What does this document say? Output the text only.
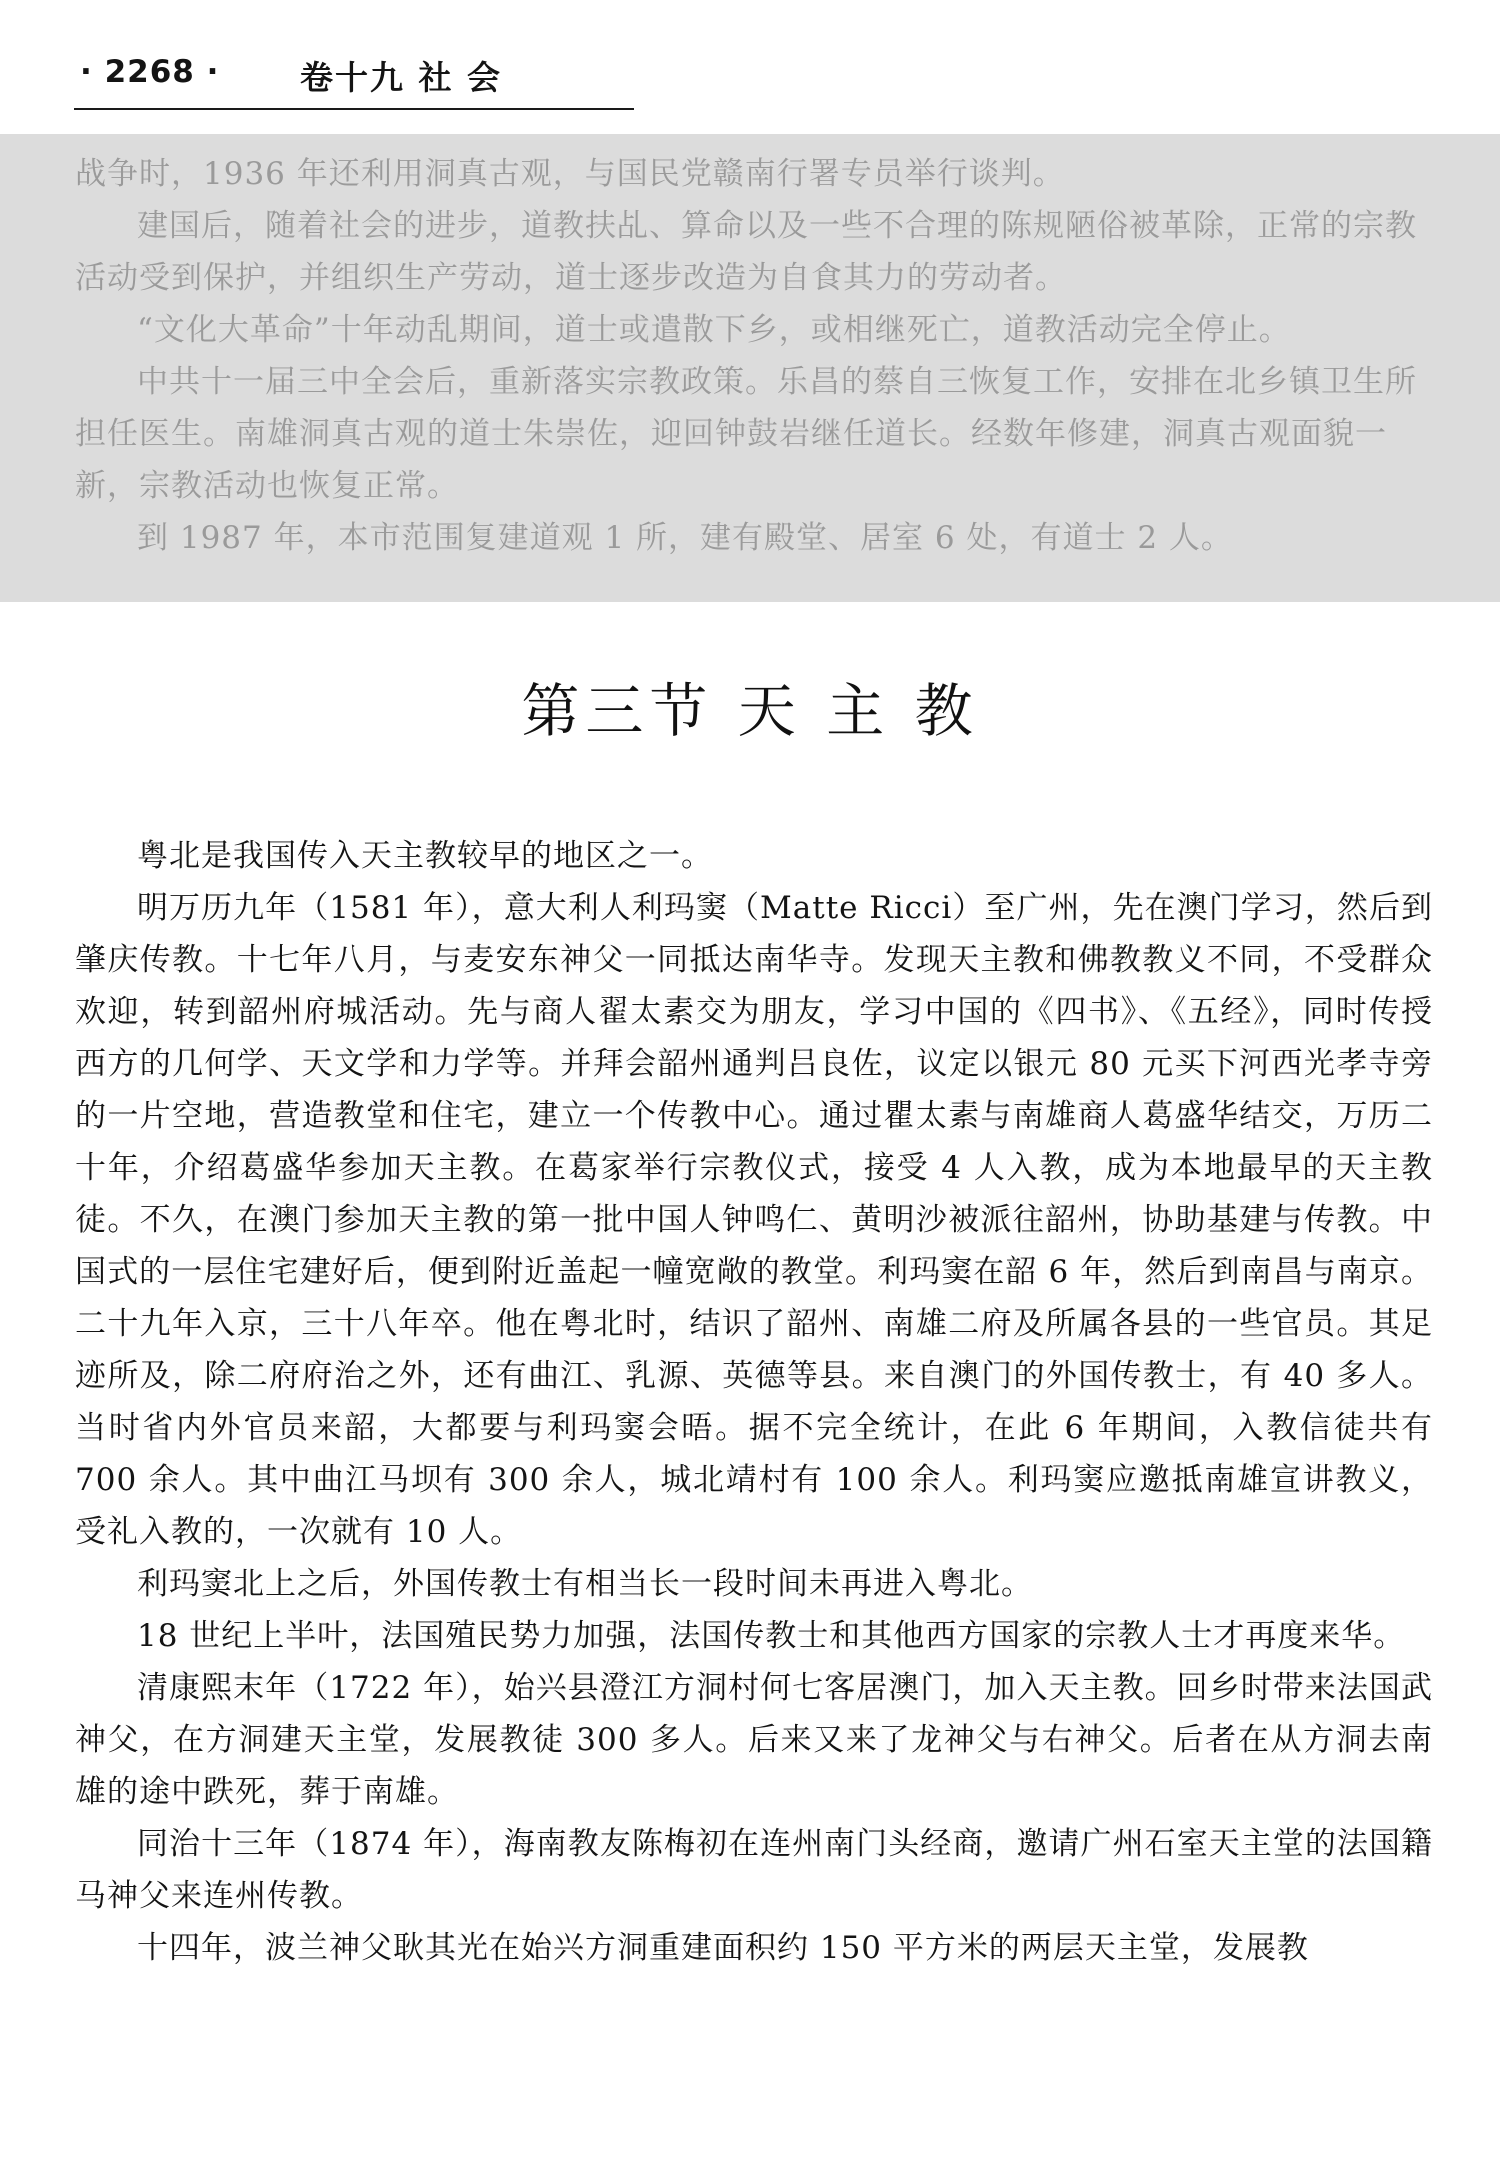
· 2268 · 卷十九 社 会

战争时，1936 年还利用洞真古观，与国民党赣南行署专员举行谈判。

建国后，随着社会的进步，道教扶乩、算命以及一些不合理的陈规陋俗被革除，正常的宗教活动受到保护，并组织生产劳动，道士逐步改造为自食其力的劳动者。

“文化大革命”十年动乱期间，道士或遣散下乡，或相继死亡，道教活动完全停止。

中共十一届三中全会后，重新落实宗教政策。乐昌的蔡自三恢复工作，安排在北乡镇卫生所担任医生。南雄洞真古观的道士朱崇佐，迎回钟鼓岩继任道长。经数年修建，洞真古观面貌一新，宗教活动也恢复正常。

到 1987 年，本市范围复建道观 1 所，建有殿堂、居室 6 处，有道士 2 人。

第三节 天 主 教

粤北是我国传入天主教较早的地区之一。

明万历九年（1581 年），意大利人利玛窦（Matte Ricci）至广州，先在澳门学习，然后到肇庆传教。十七年八月，与麦安东神父一同抵达南华寺。发现天主教和佛教教义不同，不受群众欢迎，转到韶州府城活动。先与商人翟太素交为朋友，学习中国的《四书》、《五经》，同时传授西方的几何学、天文学和力学等。并拜会韶州通判吕良佐，议定以银元 80 元买下河西光孝寺旁的一片空地，营造教堂和住宅，建立一个传教中心。通过瞿太素与南雄商人葛盛华结交，万历二十年，介绍葛盛华参加天主教。在葛家举行宗教仪式，接受 4 人入教，成为本地最早的天主教徒。不久，在澳门参加天主教的第一批中国人钟鸣仁、黄明沙被派往韶州，协助基建与传教。中国式的一层住宅建好后，便到附近盖起一幢宽敞的教堂。利玛窦在韶 6 年，然后到南昌与南京。二十九年入京，三十八年卒。他在粤北时，结识了韶州、南雄二府及所属各县的一些官员。其足迹所及，除二府府治之外，还有曲江、乳源、英德等县。来自澳门的外国传教士，有 40 多人。当时省内外官员来韶，大都要与利玛窦会晤。据不完全统计，在此 6 年期间，入教信徒共有 700 余人。其中曲江马坝有 300 余人，城北靖村有 100 余人。利玛窦应邀抵南雄宣讲教义，受礼入教的，一次就有 10 人。

利玛窦北上之后，外国传教士有相当长一段时间未再进入粤北。

18 世纪上半叶，法国殖民势力加强，法国传教士和其他西方国家的宗教人士才再度来华。

清康熙末年（1722 年），始兴县澄江方洞村何七客居澳门，加入天主教。回乡时带来法国武神父，在方洞建天主堂，发展教徒 300 多人。后来又来了龙神父与右神父。后者在从方洞去南雄的途中跌死，葬于南雄。

同治十三年（1874 年），海南教友陈梅初在连州南门头经商，邀请广州石室天主堂的法国籍马神父来连州传教。

十四年，波兰神父耿其光在始兴方洞重建面积约 150 平方米的两层天主堂，发展教
